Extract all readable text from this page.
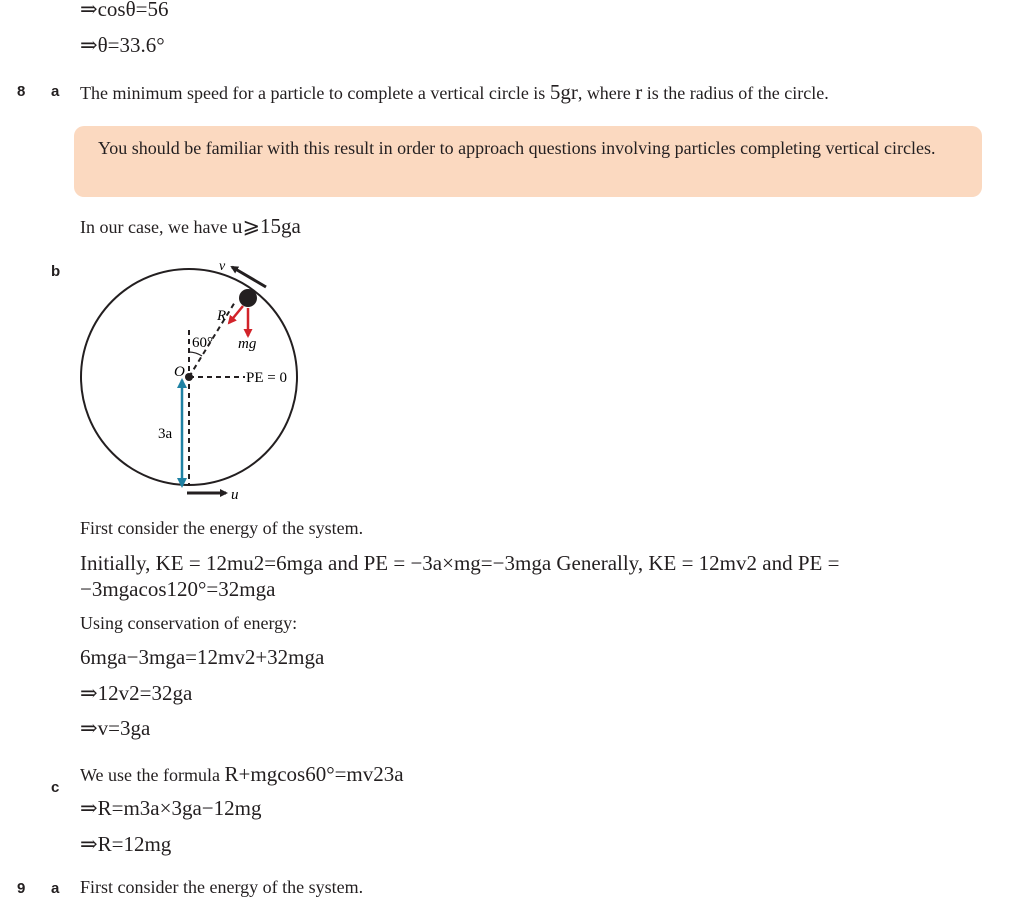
⇒cosθ=56
⇒θ=33.6°
8 a The minimum speed for a particle to complete a vertical circle is 5gr, where r is the radius of the circle.

You should be familiar with this result in order to approach questions involving particles completing vertical circles.

In our case, we have u⩾15ga
b	v
R
60° mg
O	PE = 0
3a
u
First consider the energy of the system.
Initially, KE = 12mu2=6mga and PE = −3a×mg=−3mga Generally, KE = 12mv2 and PE =
−3mgacos120°=32mga
Using conservation of energy:
6mga−3mga=12mv2+32mga
⇒12v2=32ga
⇒v=3ga
c
We use the formula R+mgcos60°=mv23a
⇒R=m3a×3ga−12mg
⇒R=12mg
9 a First consider the energy of the system.
